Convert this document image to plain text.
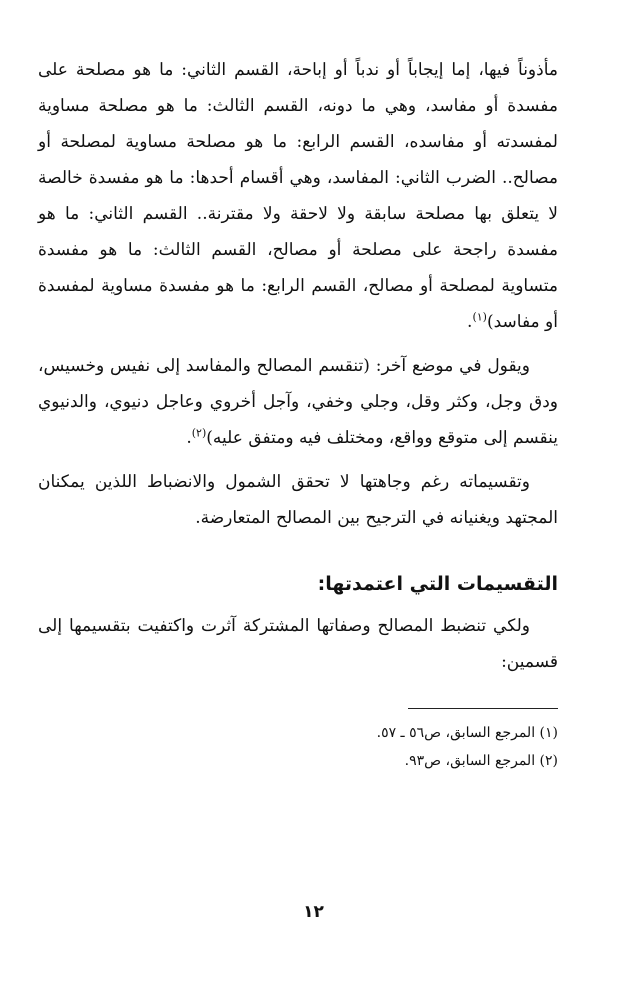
مأذوناً فيها، إما إيجاباً أو ندباً أو إباحة، القسم الثاني: ما هو مصلحة على مفسدة أو مفاسد، وهي ما دونه، القسم الثالث: ما هو مصلحة مساوية لمفسدته أو مفاسده، القسم الرابع: ما هو مصلحة مساوية لمصلحة أو مصالح.. الضرب الثاني: المفاسد، وهي أقسام أحدها: ما هو مفسدة خالصة لا يتعلق بها مصلحة سابقة ولا لاحقة ولا مقترنة.. القسم الثاني: ما هو مفسدة راجحة على مصلحة أو مصالح، القسم الثالث: ما هو مفسدة متساوية لمصلحة أو مصالح، القسم الرابع: ما هو مفسدة مساوية لمفسدة أو مفاسد)$^{(١)}$.

ويقول في موضع آخر: (تنقسم المصالح والمفاسد إلى نفيس وخسيس، ودق وجل، وكثر وقل، وجلي وخفي، وآجل أخروي وعاجل دنيوي، والدنيوي ينقسم إلى متوقع وواقع، ومختلف فيه ومتفق عليه)$^{(٢)}$.

وتقسيماته رغم وجاهتها لا تحقق الشمول والانضباط اللذين يمكنان المجتهد ويغنيانه في الترجيح بين المصالح المتعارضة.

التقسيمات التي اعتمدتها:

ولكي تنضبط المصالح وصفاتها المشتركة آثرت واكتفيت بتقسيمها إلى قسمين:

(١) المرجع السابق، ص٥٦ ـ ٥٧.

(٢) المرجع السابق، ص٩٣.

١٢
